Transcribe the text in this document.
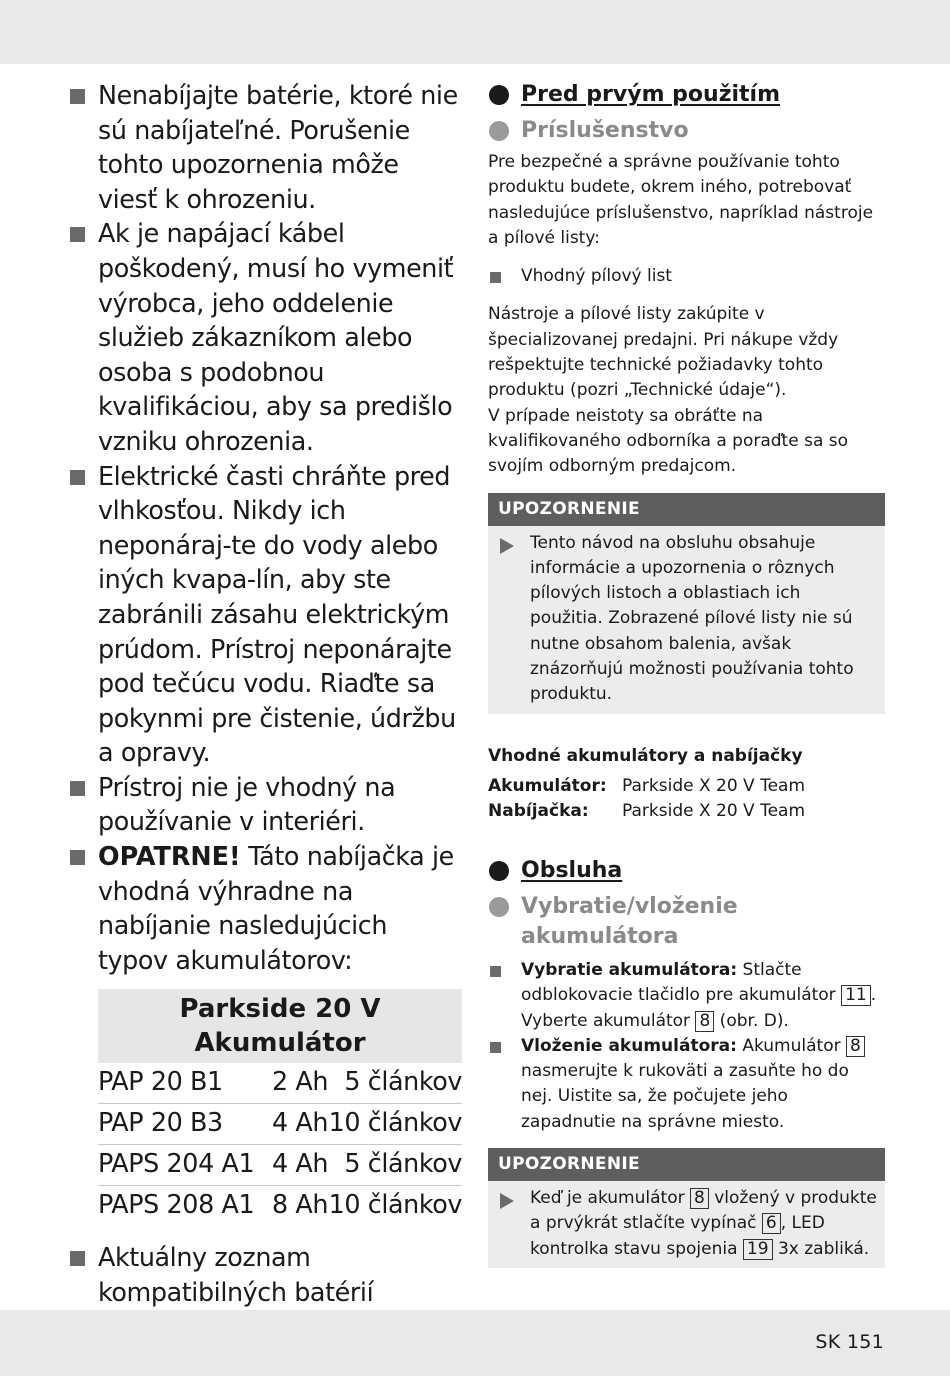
Nenabíjajte batérie, ktoré nie sú nabíjateľné. Porušenie tohto upozornenia môže viesť k ohrozeniu.
Ak je napájací kábel poškodený, musí ho vymeniť výrobca, jeho oddelenie služieb zákazníkom alebo osoba s podobnou kvalifikáciou, aby sa predišlo vzniku ohrozenia.
Elektrické časti chráňte pred vlhkosťou. Nikdy ich neponáraj-te do vody alebo iných kvapa-lín, aby ste zabránili zásahu elektrickým prúdom. Prístroj neponárajte pod tečúcu vodu. Riaďte sa pokynmi pre čistenie, údržbu a opravy.
Prístroj nie je vhodný na používanie v interiéri.
OPATRNE! Táto nabíjačka je vhodná výhradne na nabíjanie nasledujúcich typov akumulátorov:
Parkside 20 V Akumulátor
PAP 20 B1 2 Ah 5 článkov
PAP 20 B3 4 Ah 10 článkov
PAPS 204 A1 4 Ah 5 článkov
PAPS 208 A1 8 Ah 10 článkov
Aktuálny zoznam kompatibilných batérií
Pred prvým použitím
Príslušenstvo

Pre bezpečné a správne používanie tohto produktu budete, okrem iného, potrebovať nasledujúce príslušenstvo, napríklad nástroje a pílové listy:

Vhodný pílový list

Nástroje a pílové listy zakúpite v špecializovanej predajni. Pri nákupe vždy rešpektujte technické požiadavky tohto produktu (pozri „Technické údaje“).

V prípade neistoty sa obráťte na kvalifikovaného odborníka a poraďte sa so svojím odborným predajcom.

UPOZORNENIE
Tento návod na obsluhu obsahuje informácie a upozornenia o rôznych pílových listoch a oblastiach ich použitia. Zobrazené pílové listy nie sú nutne obsahom balenia, avšak znázorňujú možnosti používania tohto produktu.
Vhodné akumulátory a nabíjačky
Akumulátor: Parkside X 20 V Team
Nabíjačka: Parkside X 20 V Team
Obsluha
Vybratie/vloženie akumulátora
Vybratie akumulátora: Stlačte odblokovacie tlačidlo pre akumulátor 11 . Vyberte akumulátor 8 (obr. D).
Vloženie akumulátora: Akumulátor 8 nasmerujte k rukoväti a zasuňte ho do nej. Uistite sa, že počujete jeho zapadnutie na správne miesto.
UPOZORNENIE
Keď je akumulátor 8 vložený v produkte a prvýkrát stlačíte vypínač 6 , LED kontrolka stavu spojenia 19 3x zabliká.
SK 151
